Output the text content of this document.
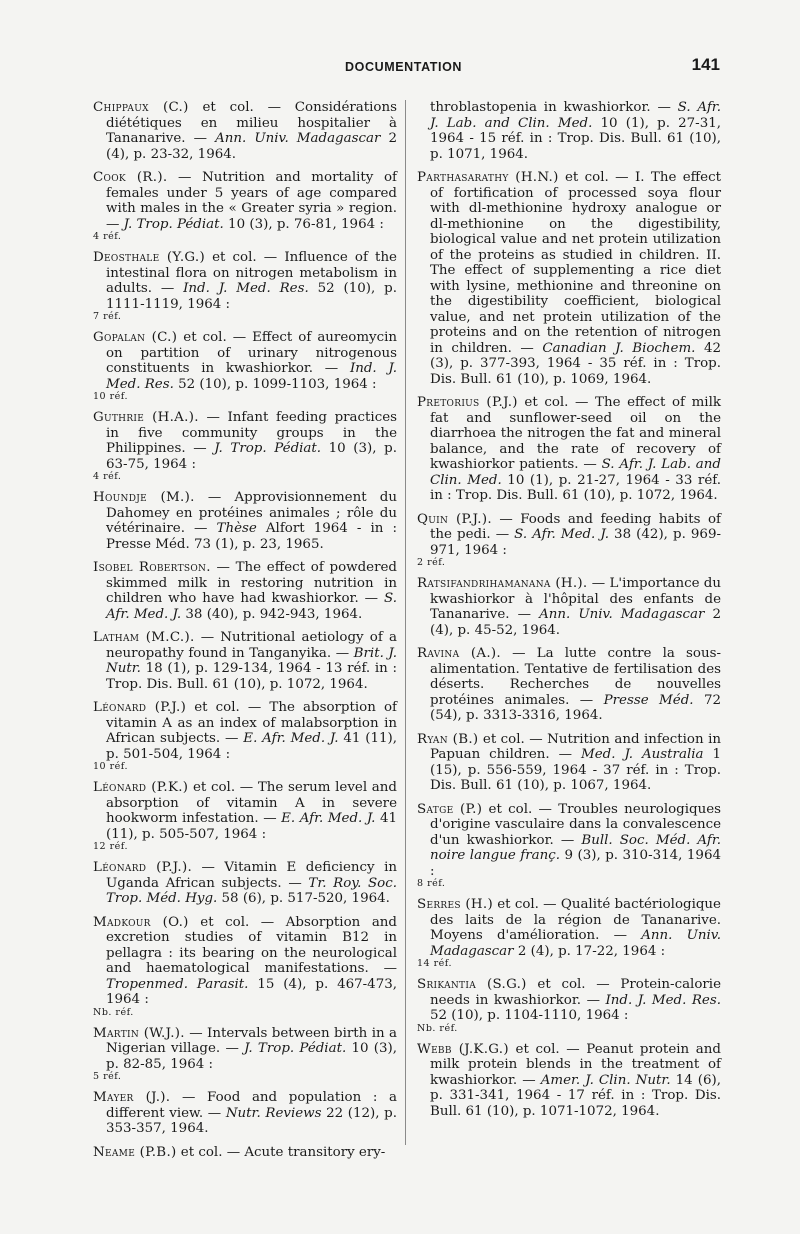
DOCUMENTATION	141
Chippaux (C.) et col. — Considérations diététiques en milieu hospitalier à Tananarive. — Ann. Univ. Madagascar 2 (4), p. 23-32, 1964.
Cook (R.). — Nutrition and mortality of females under 5 years of age compared with males in the « Greater syria » region. — J. Trop. Pédiat. 10 (3), p. 76-81, 1964 :
4 réf.
Deosthale (Y.G.) et col. — Influence of the intestinal flora on nitrogen metabolism in adults. — Ind. J. Med. Res. 52 (10), p. 1111-1119, 1964 :
7 réf.
Gopalan (C.) et col. — Effect of aureomycin on partition of urinary nitrogenous constituents in kwashiorkor. — Ind. J. Med. Res. 52 (10), p. 1099-1103, 1964 :
10 réf.
Guthrie (H.A.). — Infant feeding practices in five community groups in the Philippines. — J. Trop. Pédiat. 10 (3), p. 63-75, 1964 :
4 réf.
Houndje (M.). — Approvisionnement du Dahomey en protéines animales ; rôle du vétérinaire. — Thèse Alfort 1964 - in : Presse Méd. 73 (1), p. 23, 1965.
Isobel Robertson. — The effect of powdered skimmed milk in restoring nutrition in children who have had kwashiorkor. — S. Afr. Med. J. 38 (40), p. 942-943, 1964.
Latham (M.C.). — Nutritional aetiology of a neuropathy found in Tanganyika. — Brit. J. Nutr. 18 (1), p. 129-134, 1964 - 13 réf. in : Trop. Dis. Bull. 61 (10), p. 1072, 1964.
Léonard (P.J.) et col. — The absorption of vitamin A as an index of malabsorption in African subjects. — E. Afr. Med. J. 41 (11), p. 501-504, 1964 :
10 réf.
Léonard (P.K.) et col. — The serum level and absorption of vitamin A in severe hookworm infestation. — E. Afr. Med. J. 41 (11), p. 505-507, 1964 :
12 réf.
Léonard (P.J.). — Vitamin E deficiency in Uganda African subjects. — Tr. Roy. Soc. Trop. Méd. Hyg. 58 (6), p. 517-520, 1964.
Madkour (O.) et col. — Absorption and excretion studies of vitamin B12 in pellagra : its bearing on the neurological and haematological manifestations. — Tropenmed. Parasit. 15 (4), p. 467-473, 1964 :
Nb. réf.
Martin (W.J.). — Intervals between birth in a Nigerian village. — J. Trop. Pédiat. 10 (3), p. 82-85, 1964 :
5 réf.
Mayer (J.). — Food and population : a different view. — Nutr. Reviews 22 (12), p. 353-357, 1964.
Neame (P.B.) et col. — Acute transitory ery-
throblastopenia in kwashiorkor. — S. Afr. J. Lab. and Clin. Med. 10 (1), p. 27-31, 1964 - 15 réf. in : Trop. Dis. Bull. 61 (10), p. 1071, 1964.
Parthasarathy (H.N.) et col. — I. The effect of fortification of processed soya flour with dl-methionine hydroxy analogue or dl-methionine on the digestibility, biological value and net protein utilization of the proteins as studied in children. II. The effect of supplementing a rice diet with lysine, methionine and threonine on the digestibility coefficient, biological value, and net protein utilization of the proteins and on the retention of nitrogen in children. — Canadian J. Biochem. 42 (3), p. 377-393, 1964 - 35 réf. in : Trop. Dis. Bull. 61 (10), p. 1069, 1964.
Pretorius (P.J.) et col. — The effect of milk fat and sunflower-seed oil on the diarrhoea the nitrogen the fat and mineral balance, and the rate of recovery of kwashiorkor patients. — S. Afr. J. Lab. and Clin. Med. 10 (1), p. 21-27, 1964 - 33 réf. in : Trop. Dis. Bull. 61 (10), p. 1072, 1964.
Quin (P.J.). — Foods and feeding habits of the pedi. — S. Afr. Med. J. 38 (42), p. 969-971, 1964 :
2 réf.
Ratsifandrihamanana (H.). — L'importance du kwashiorkor à l'hôpital des enfants de Tananarive. — Ann. Univ. Madagascar 2 (4), p. 45-52, 1964.
Ravina (A.). — La lutte contre la sous-alimentation. Tentative de fertilisation des déserts. Recherches de nouvelles protéines animales. — Presse Méd. 72 (54), p. 3313-3316, 1964.
Ryan (B.) et col. — Nutrition and infection in Papuan children. — Med. J. Australia 1 (15), p. 556-559, 1964 - 37 réf. in : Trop. Dis. Bull. 61 (10), p. 1067, 1964.
Satge (P.) et col. — Troubles neurologiques d'origine vasculaire dans la convalescence d'un kwashiorkor. — Bull. Soc. Méd. Afr. noire langue franç. 9 (3), p. 310-314, 1964 :
8 réf.
Serres (H.) et col. — Qualité bactériologique des laits de la région de Tananarive. Moyens d'amélioration. — Ann. Univ. Madagascar 2 (4), p. 17-22, 1964 :
14 réf.
Srikantia (S.G.) et col. — Protein-calorie needs in kwashiorkor. — Ind. J. Med. Res. 52 (10), p. 1104-1110, 1964 :
Nb. réf.
Webb (J.K.G.) et col. — Peanut protein and milk protein blends in the treatment of kwashiorkor. — Amer. J. Clin. Nutr. 14 (6), p. 331-341, 1964 - 17 réf. in : Trop. Dis. Bull. 61 (10), p. 1071-1072, 1964.
